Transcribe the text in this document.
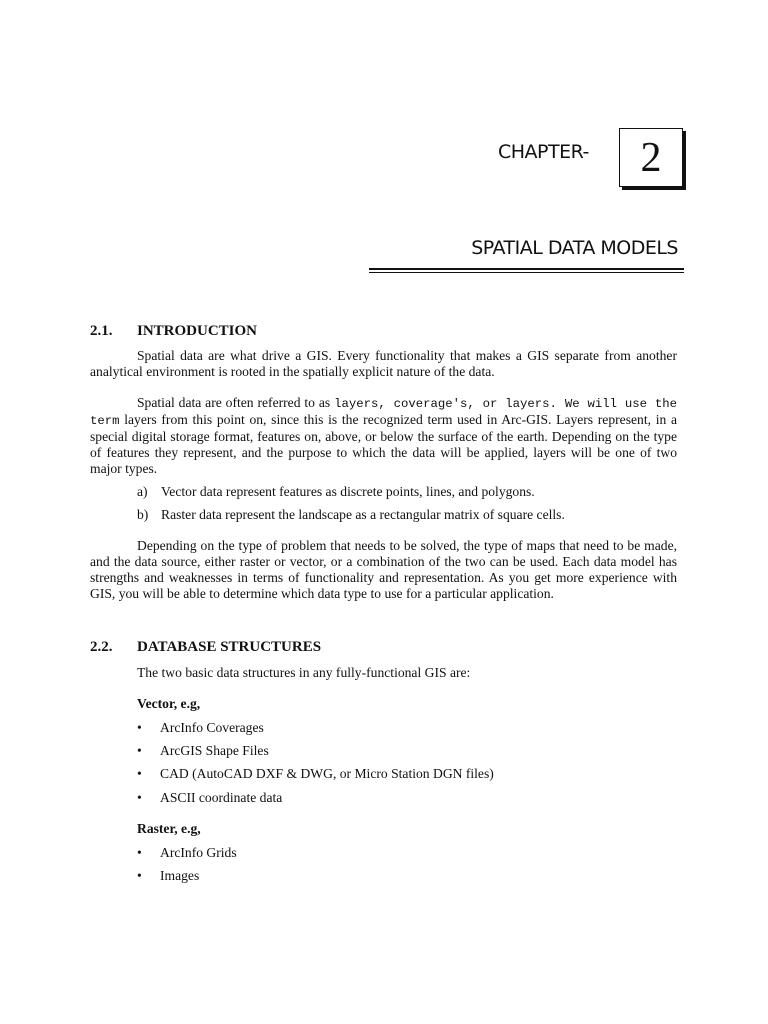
CHAPTER-	2
SPATIAL DATA MODELS
2.1. INTRODUCTION

Spatial data are what drive a GIS. Every functionality that makes a GIS separate from another analytical environment is rooted in the spatially explicit nature of the data.

Spatial data are often referred to as layers, coverage's, or layers. We will use the term layers from this point on, since this is the recognized term used in Arc-GIS. Layers represent, in a special digital storage format, features on, above, or below the surface of the earth. Depending on the type of features they represent, and the purpose to which the data will be applied, layers will be one of two major types.

a) Vector data represent features as discrete points, lines, and polygons.
b) Raster data represent the landscape as a rectangular matrix of square cells.

Depending on the type of problem that needs to be solved, the type of maps that need to be made, and the data source, either raster or vector, or a combination of the two can be used. Each data model has strengths and weaknesses in terms of functionality and representation. As you get more experience with GIS, you will be able to determine which data type to use for a particular application.

2.2. DATABASE STRUCTURES
The two basic data structures in any fully-functional GIS are:
Vector, e.g,
• ArcInfo Coverages
• ArcGIS Shape Files
• CAD (AutoCAD DXF & DWG, or Micro Station DGN files)
• ASCII coordinate data
Raster, e.g,
• ArcInfo Grids
• Images
